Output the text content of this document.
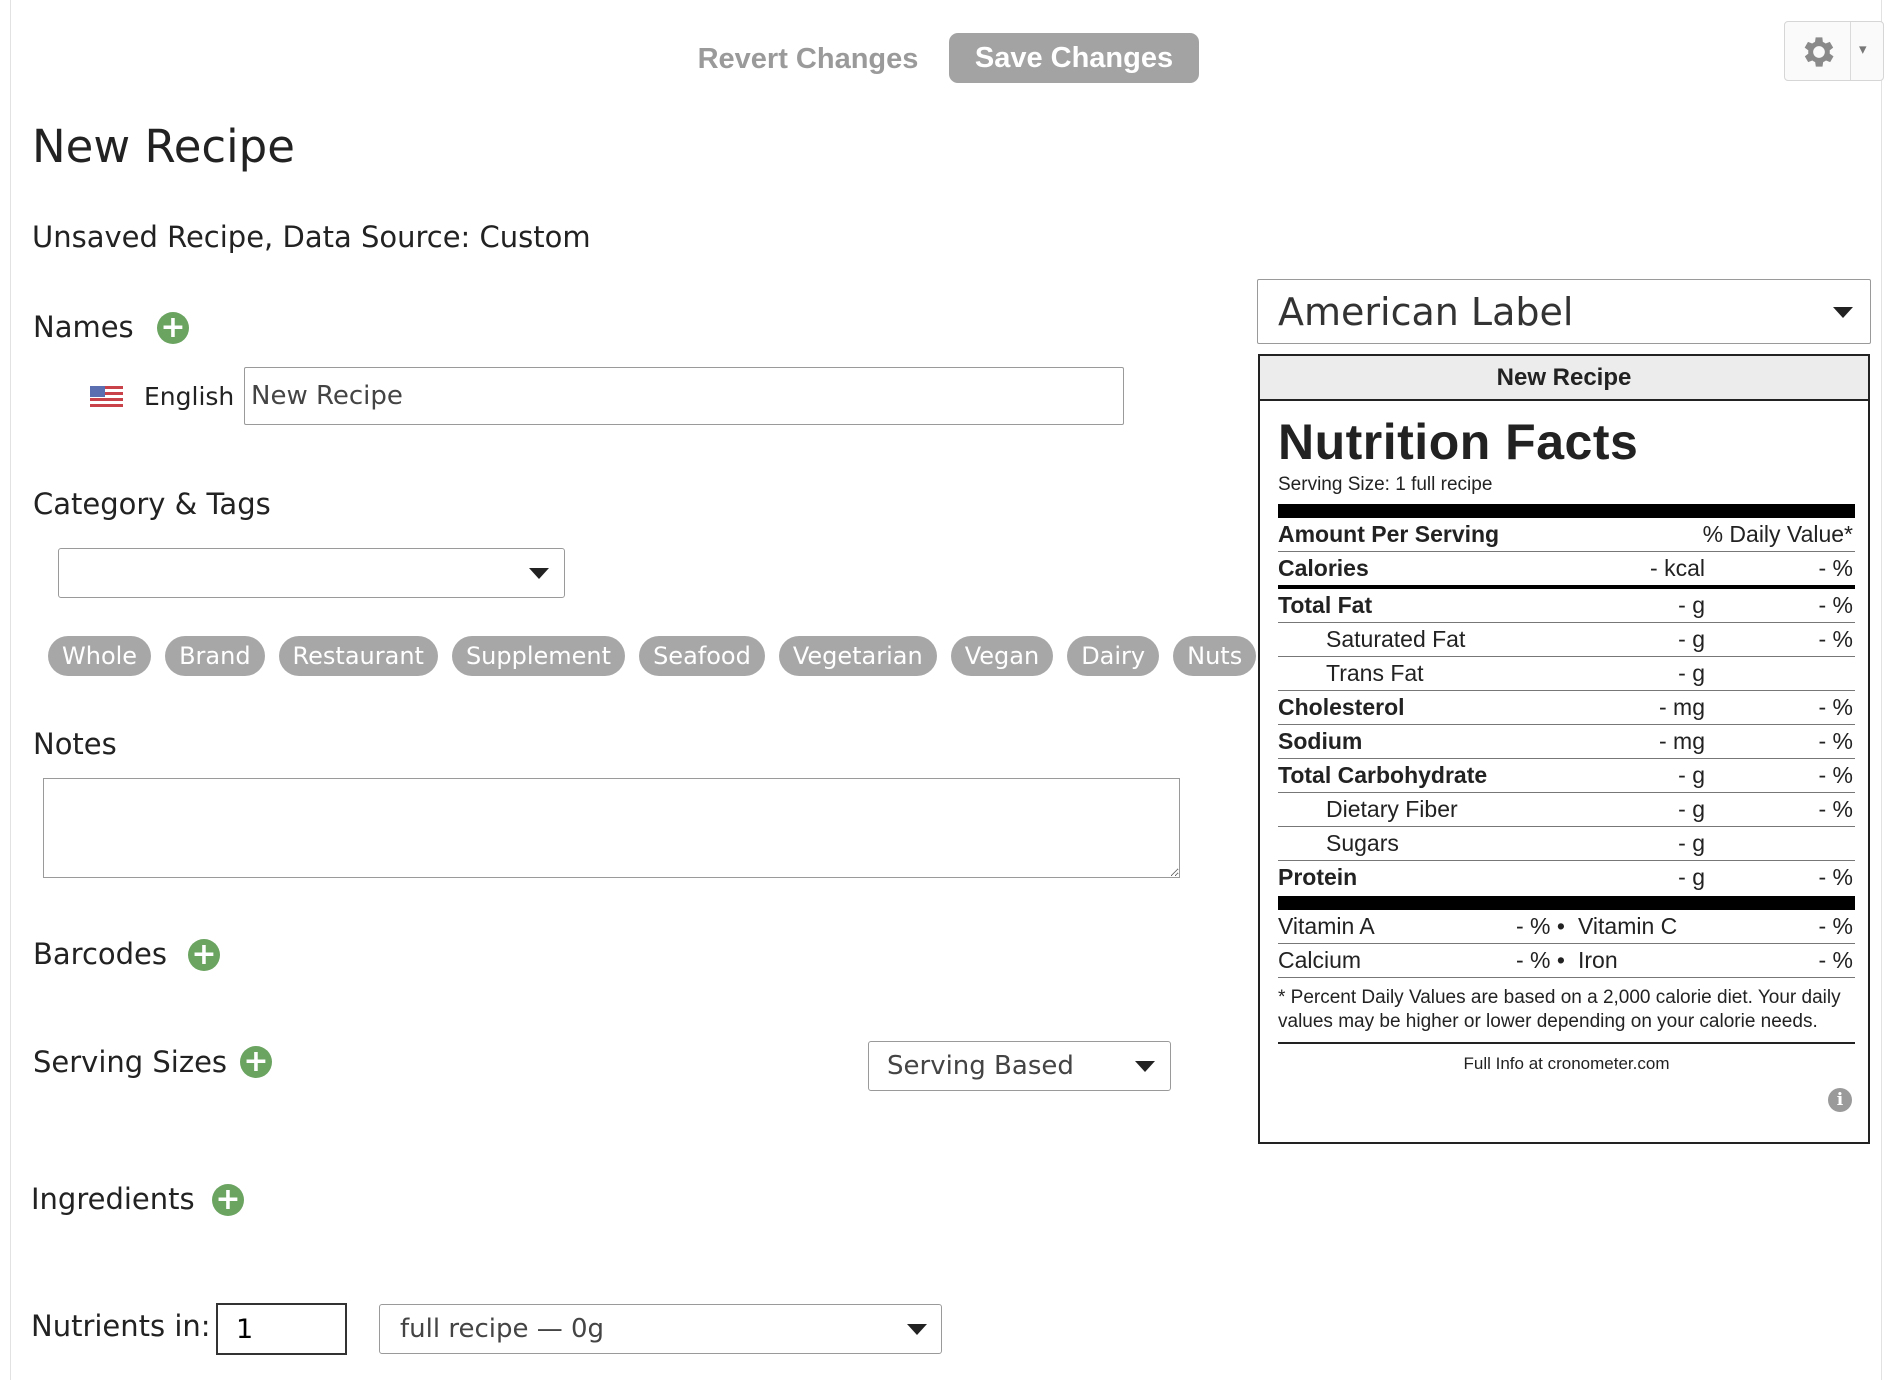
Revert Changes	Save Changes	▾
New Recipe
Unsaved Recipe, Data Source: Custom
Names +
English
New Recipe
Category & Tags
Whole	Brand	Restaurant	Supplement	Seafood	Vegetarian	Vegan	Dairy	Nuts
Notes
Barcodes +
Serving Sizes +	Serving Based
Ingredients +
Nutrients in:
1	full recipe — 0g
American Label
New Recipe
Nutrition Facts
Serving Size: 1 full recipe
Amount Per Serving	% Daily Value*
Calories	- kcal	- %
Total Fat	- g	- %
Saturated Fat	- g	- %
Trans Fat	- g
Cholesterol	- mg	- %
Sodium	- mg	- %
Total Carbohydrate	- g	- %
Dietary Fiber	- g	- %
Sugars	- g
Protein	- g	- %
Vitamin A	- % • Vitamin C	- %
Calcium	- % • Iron	- %
* Percent Daily Values are based on a 2,000 calorie diet. Your daily values may be higher or lower depending on your calorie needs.
Full Info at cronometer.com
i
